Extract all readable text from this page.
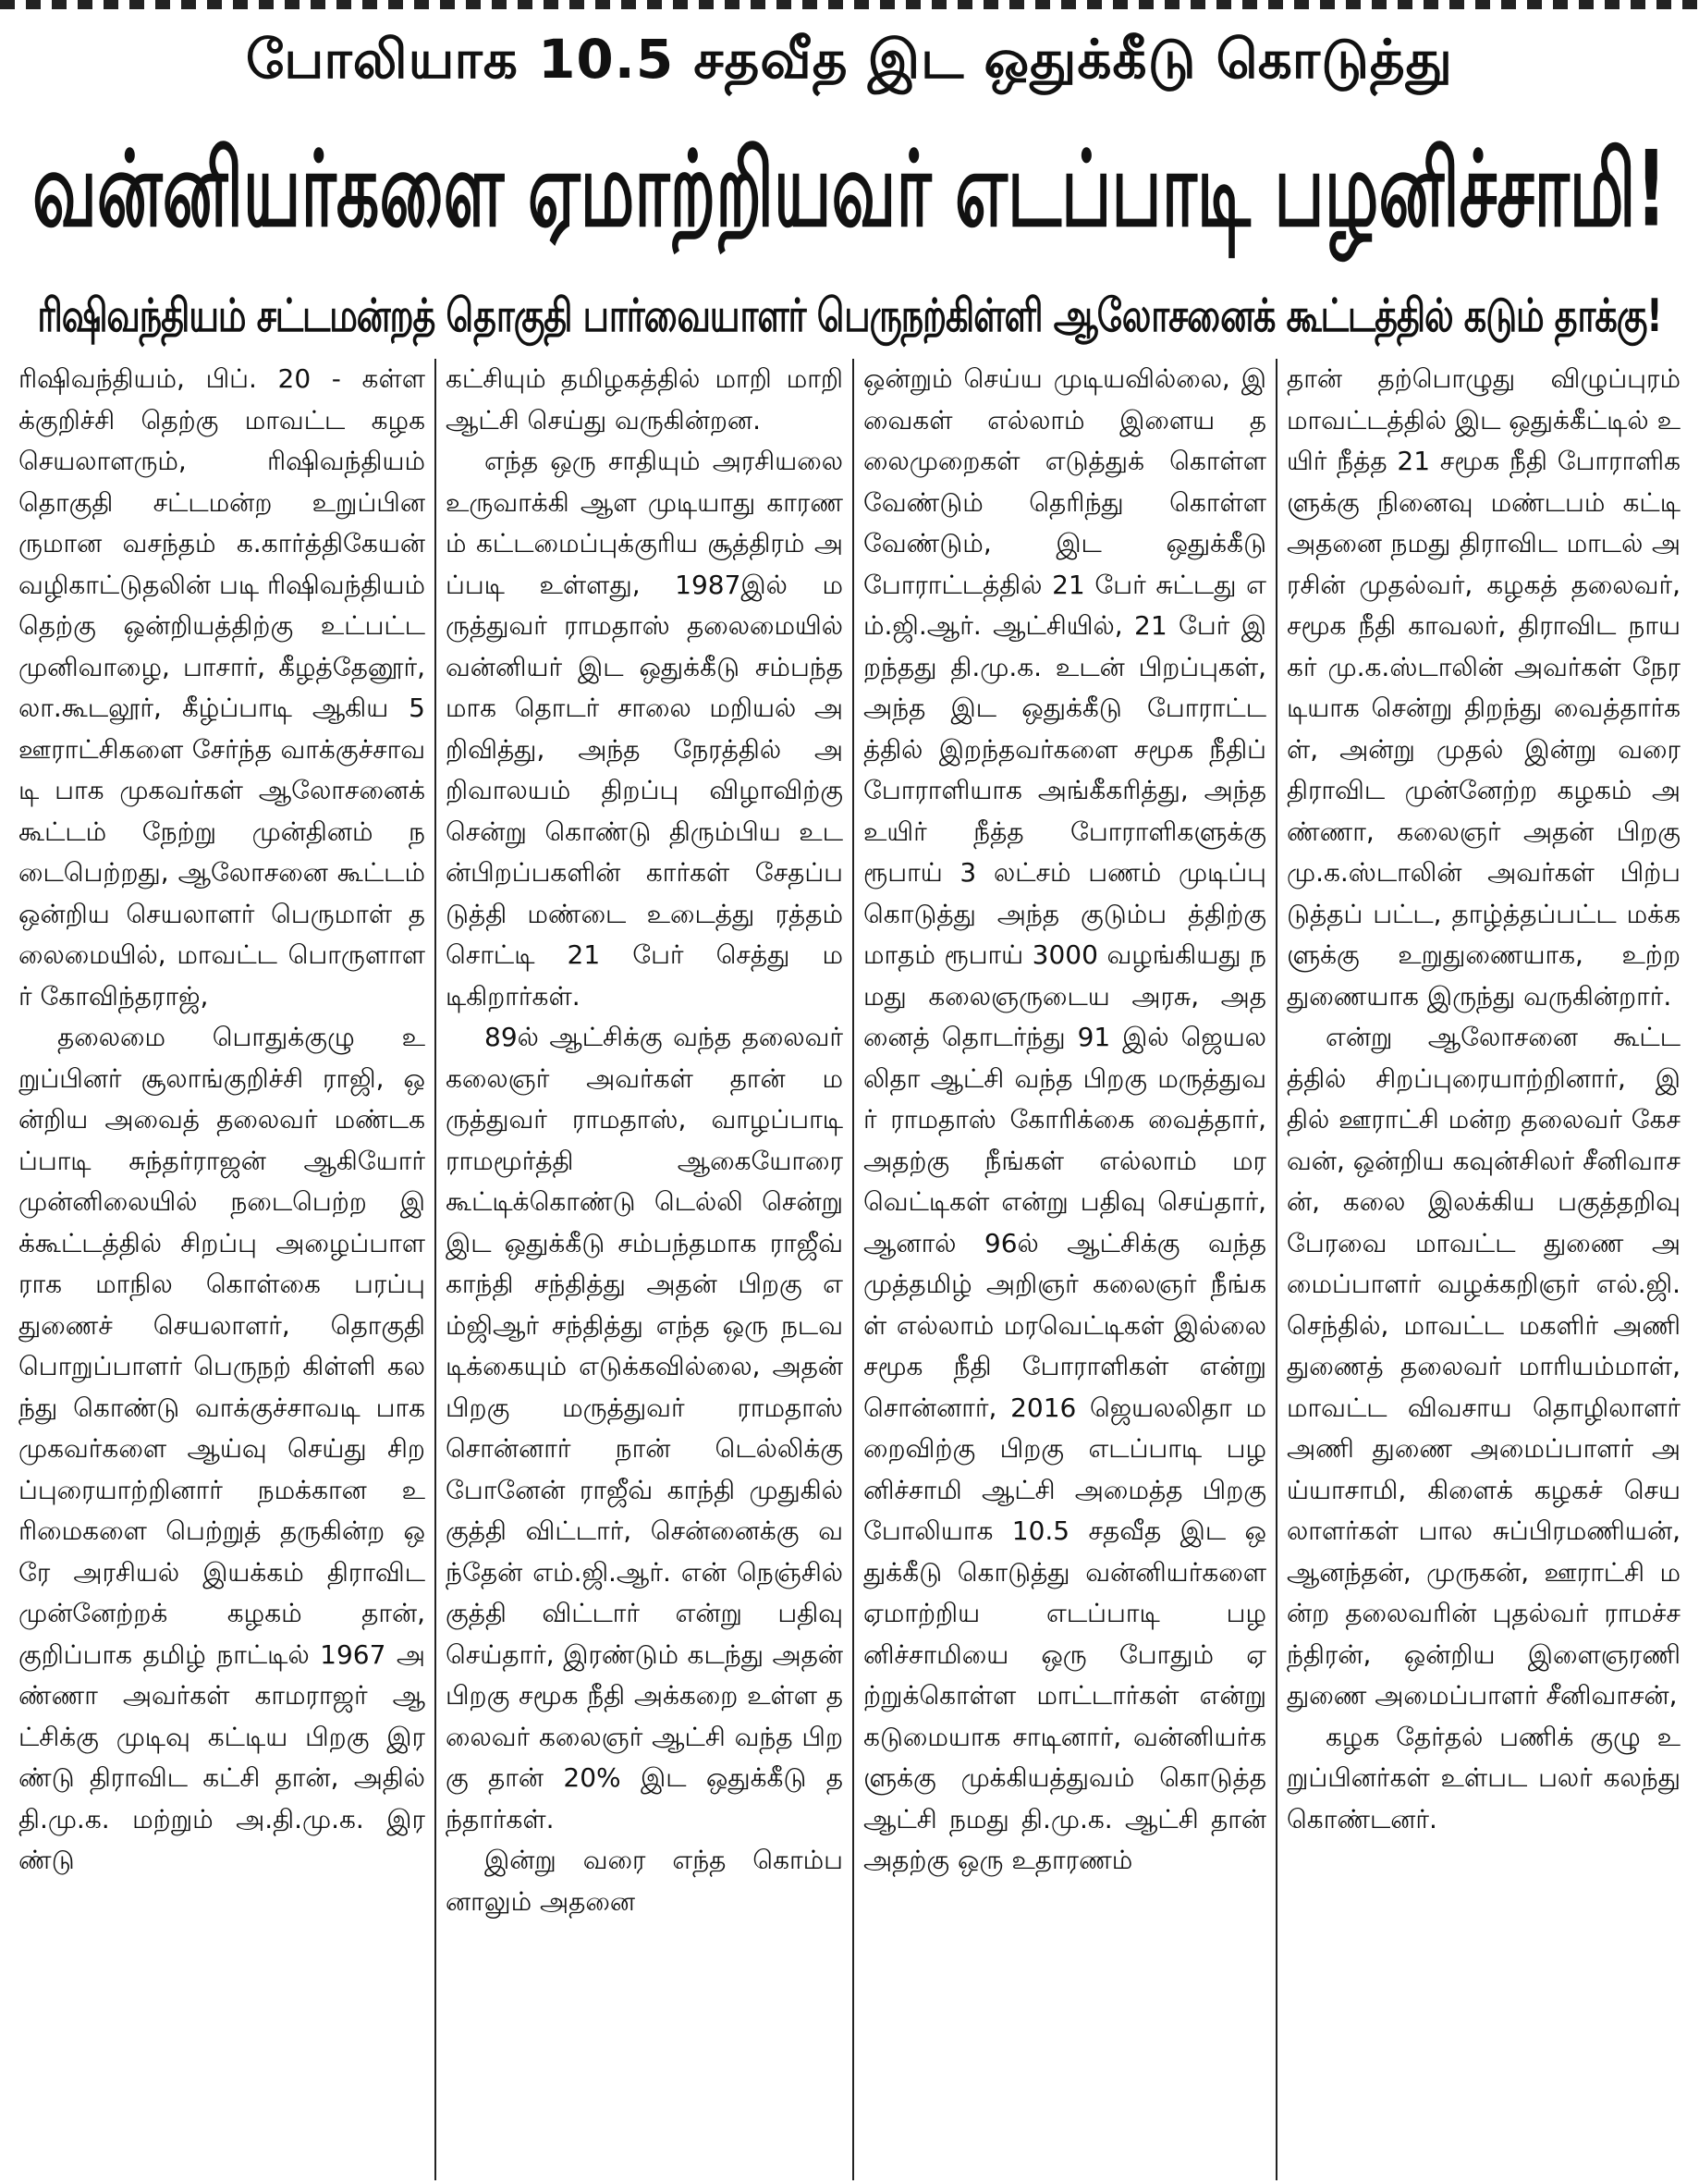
போலியாக 10.5 சதவீத இட ஒதுக்கீடு கொடுத்து
வன்னியர்களை ஏமாற்றியவர் எடப்பாடி பழனிச்சாமி!
ரிஷிவந்தியம் சட்டமன்றத் தொகுதி பார்வையாளர் பெருநற்கிள்ளி ஆலோசனைக் கூட்டத்தில் கடும் தாக்கு!

ரிஷிவந்தியம், பிப். 20 - கள்ளக்குறிச்சி தெற்கு மாவட்ட கழக செயலாளரும், ரிஷிவந்தியம் தொகுதி சட்டமன்ற உறுப்பினருமான வசந்தம் க.கார்த்திகேயன் வழிகாட்டுதலின் படி ரிஷிவந்தியம் தெற்கு ஒன்றியத்திற்கு உட்பட்ட முனிவாழை, பாசார், கீழத்தேனூர், லா.கூடலூர், கீழ்ப்பாடி ஆகிய 5 ஊராட்சிகளை சேர்ந்த வாக்குச்சாவடி பாக முகவர்கள் ஆலோசனைக் கூட்டம் நேற்று முன்தினம் நடைபெற்றது, ஆலோசனை கூட்டம் ஒன்றிய செயலாளர் பெருமாள் தலைமையில், மாவட்ட பொருளாளர் கோவிந்தராஜ்,

தலைமை பொதுக்குழு உறுப்பினர் சூலாங்குறிச்சி ராஜி, ஒன்றிய அவைத் தலைவர் மண்டகப்பாடி சுந்தர்ராஜன் ஆகியோர் முன்னிலையில் நடைபெற்ற இக்கூட்டத்தில் சிறப்பு அழைப்பாளராக மாநில கொள்கை பரப்பு துணைச் செயலாளர், தொகுதி பொறுப்பாளர் பெருநற் கிள்ளி கலந்து கொண்டு வாக்குச்சாவடி பாக முகவர்களை ஆய்வு செய்து சிறப்புரையாற்றினார் நமக்கான உரிமைகளை பெற்றுத் தருகின்ற ஒரே அரசியல் இயக்கம் திராவிட முன்னேற்றக் கழகம் தான், குறிப்பாக தமிழ் நாட்டில் 1967 அண்ணா அவர்கள் காமராஜர் ஆட்சிக்கு முடிவு கட்டிய பிறகு இரண்டு திராவிட கட்சி தான், அதில் தி.மு.க. மற்றும் அ.தி.மு.க. இரண்டு

கட்சியும் தமிழகத்தில் மாறி மாறி ஆட்சி செய்து வருகின்றன.

எந்த ஒரு சாதியும் அரசியலை உருவாக்கி ஆள முடியாது காரணம் கட்டமைப்புக்குரிய சூத்திரம் அப்படி உள்ளது, 1987இல் மருத்துவர் ராமதாஸ் தலைமையில் வன்னியர் இட ஒதுக்கீடு சம்பந்தமாக தொடர் சாலை மறியல் அறிவித்து, அந்த நேரத்தில் அறிவாலயம் திறப்பு விழாவிற்கு சென்று கொண்டு திரும்பிய உடன்பிறப்பகளின் கார்கள் சேதப்படுத்தி மண்டை உடைத்து ரத்தம் சொட்டி 21 பேர் செத்து மடிகிறார்கள்.

89ல் ஆட்சிக்கு வந்த தலைவர் கலைஞர் அவர்கள் தான் மருத்துவர் ராமதாஸ், வாழப்பாடி ராமமூர்த்தி ஆகையோரை கூட்டிக்கொண்டு டெல்லி சென்று இட ஒதுக்கீடு சம்பந்தமாக ராஜீவ் காந்தி சந்தித்து அதன் பிறகு எம்ஜிஆர் சந்தித்து எந்த ஒரு நடவடிக்கையும் எடுக்கவில்லை, அதன் பிறகு மருத்துவர் ராமதாஸ் சொன்னார் நான் டெல்லிக்கு போனேன் ராஜீவ் காந்தி முதுகில் குத்தி விட்டார், சென்னைக்கு வந்தேன் எம்.ஜி.ஆர். என் நெஞ்சில் குத்தி விட்டார் என்று பதிவு செய்தார், இரண்டும் கடந்து அதன் பிறகு சமூக நீதி அக்கறை உள்ள தலைவர் கலைஞர் ஆட்சி வந்த பிறகு தான் 20% இட ஒதுக்கீடு தந்தார்கள்.

இன்று வரை எந்த கொம்பனாலும் அதனை

ஒன்றும் செய்ய முடியவில்லை, இவைகள் எல்லாம் இளைய தலைமுறைகள் எடுத்துக் கொள்ள வேண்டும் தெரிந்து கொள்ள வேண்டும், இட ஒதுக்கீடு போராட்டத்தில் 21 பேர் சுட்டது எம்.ஜி.ஆர். ஆட்சியில், 21 பேர் இறந்தது தி.மு.க. உடன் பிறப்புகள், அந்த இட ஒதுக்கீடு போராட்டத்தில் இறந்தவர்களை சமூக நீதிப் போராளியாக அங்கீகரித்து, அந்த உயிர் நீத்த போராளிகளுக்கு ரூபாய் 3 லட்சம் பணம் முடிப்பு கொடுத்து அந்த குடும்ப த்திற்கு மாதம் ரூபாய் 3000 வழங்கியது நமது கலைஞருடைய அரசு, அதனைத் தொடர்ந்து 91 இல் ஜெயலலிதா ஆட்சி வந்த பிறகு மருத்துவர் ராமதாஸ் கோரிக்கை வைத்தார், அதற்கு நீங்கள் எல்லாம் மரவெட்டிகள் என்று பதிவு செய்தார், ஆனால் 96ல் ஆட்சிக்கு வந்த முத்தமிழ் அறிஞர் கலைஞர் நீங்கள் எல்லாம் மரவெட்டிகள் இல்லை சமூக நீதி போராளிகள் என்று சொன்னார், 2016 ஜெயலலிதா மறைவிற்கு பிறகு எடப்பாடி பழனிச்சாமி ஆட்சி அமைத்த பிறகு போலியாக 10.5 சதவீத இட ஒதுக்கீடு கொடுத்து வன்னியர்களை ஏமாற்றிய எடப்பாடி பழனிச்சாமியை ஒரு போதும் ஏற்றுக்கொள்ள மாட்டார்கள் என்று கடுமையாக சாடினார், வன்னியர்களுக்கு முக்கியத்துவம் கொடுத்த ஆட்சி நமது தி.மு.க. ஆட்சி தான் அதற்கு ஒரு உதாரணம்

தான் தற்பொழுது விழுப்புரம் மாவட்டத்தில் இட ஒதுக்கீட்டில் உயிர் நீத்த 21 சமூக நீதி போராளிகளுக்கு நினைவு மண்டபம் கட்டி அதனை நமது திராவிட மாடல் அரசின் முதல்வர், கழகத் தலைவர், சமூக நீதி காவலர், திராவிட நாயகர் மு.க.ஸ்டாலின் அவர்கள் நேரடியாக சென்று திறந்து வைத்தார்கள், அன்று முதல் இன்று வரை திராவிட முன்னேற்ற கழகம் அண்ணா, கலைஞர் அதன் பிறகு மு.க.ஸ்டாலின் அவர்கள் பிற்படுத்தப் பட்ட, தாழ்த்தப்பட்ட மக்களுக்கு உறுதுணையாக, உற்ற துணையாக இருந்து வருகின்றார்.

என்று ஆலோசனை கூட்டத்தில் சிறப்புரையாற்றினார், இதில் ஊராட்சி மன்ற தலைவர் கேசவன், ஒன்றிய கவுன்சிலர் சீனிவாசன், கலை இலக்கிய பகுத்தறிவு பேரவை மாவட்ட துணை அமைப்பாளர் வழக்கறிஞர் எல்.ஜி. செந்தில், மாவட்ட மகளிர் அணி துணைத் தலைவர் மாரியம்மாள், மாவட்ட விவசாய தொழிலாளர் அணி துணை அமைப்பாளர் அய்யாசாமி, கிளைக் கழகச் செயலாளர்கள் பால சுப்பிரமணியன், ஆனந்தன், முருகன், ஊராட்சி மன்ற தலைவரின் புதல்வர் ராமச்சந்திரன், ஒன்றிய இளைஞரணி துணை அமைப்பாளர் சீனிவாசன்,

கழக தேர்தல் பணிக் குழு உறுப்பினர்கள் உள்பட பலர் கலந்து கொண்டனர்.
